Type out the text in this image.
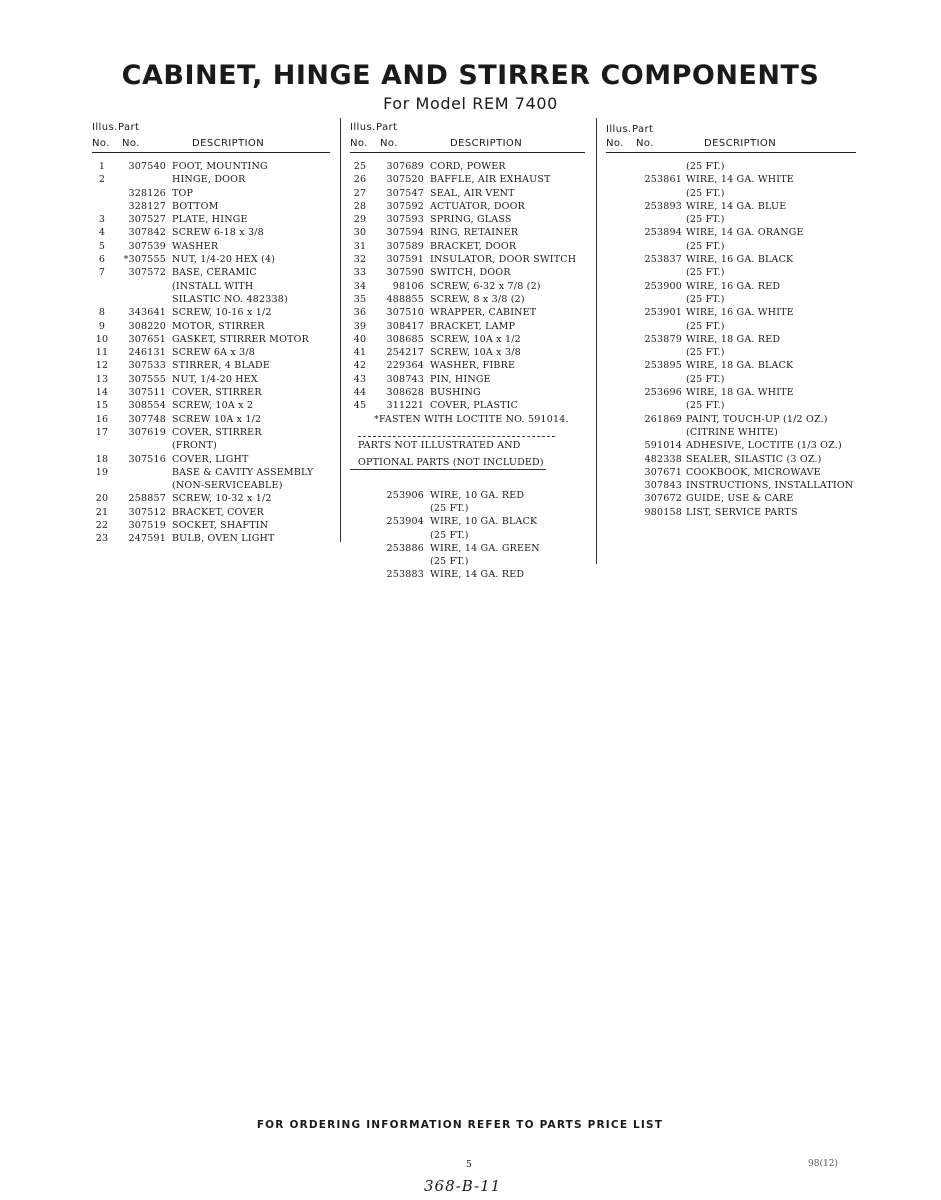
CABINET, HINGE AND STIRRER COMPONENTS
For Model REM 7400
Illus. Part
No. No.	DESCRIPTION
1	307540 FOOT, MOUNTING
2	HINGE, DOOR
328126 TOP
328127 BOTTOM
3	307527 PLATE, HINGE
4	307842 SCREW 6-18 x 3/8
5	307539 WASHER
6	*307555 NUT, 1/4-20 HEX (4)
7	307572 BASE, CERAMIC
(INSTALL WITH
SILASTIC NO. 482338)
8	343641 SCREW, 10-16 x 1/2
9	308220 MOTOR, STIRRER
10	307651 GASKET, STIRRER MOTOR
11	246131 SCREW 6A x 3/8
12	307533 STIRRER, 4 BLADE
13	307555 NUT, 1/4-20 HEX
14	307511 COVER, STIRRER
15	308554 SCREW, 10A x 2
16	307748 SCREW 10A x 1/2
17	307619 COVER, STIRRER
(FRONT)
18	307516 COVER, LIGHT
19	BASE & CAVITY ASSEMBLY
(NON-SERVICEABLE)
20	258857 SCREW, 10-32 x 1/2
21	307512 BRACKET, COVER
22	307519 SOCKET, SHAFTIN
23	247591 BULB, OVEN LIGHT
Illus. Part
No. No.	DESCRIPTION
25	307689 CORD, POWER
26	307520 BAFFLE, AIR EXHAUST
27	307547 SEAL, AIR VENT
28	307592 ACTUATOR, DOOR
29	307593 SPRING, GLASS
30	307594 RING, RETAINER
31	307589 BRACKET, DOOR
32	307591 INSULATOR, DOOR SWITCH
33	307590 SWITCH, DOOR
34	98106 SCREW, 6-32 x 7/8 (2)
35	488855 SCREW, 8 x 3/8 (2)
36	307510 WRAPPER, CABINET
39	308417 BRACKET, LAMP
40	308685 SCREW, 10A x 1/2
41	254217 SCREW, 10A x 3/8
42	229364 WASHER, FIBRE
43	308743 PIN, HINGE
44	308628 BUSHING
45	311221 COVER, PLASTIC
*FASTEN WITH LOCTITE NO. 591014.
PARTS NOT ILLUSTRATED AND
OPTIONAL PARTS (NOT INCLUDED)
253906 WIRE, 10 GA. RED
(25 FT.)
253904 WIRE, 10 GA. BLACK
(25 FT.)
253886 WIRE, 14 GA. GREEN
(25 FT.)
253883 WIRE, 14 GA. RED
Illus. Part
No. No.	DESCRIPTION
(25 FT.)
253861 WIRE, 14 GA. WHITE
(25 FT.)
253893 WIRE, 14 GA. BLUE
(25 FT.)
253894 WIRE, 14 GA. ORANGE
(25 FT.)
253837 WIRE, 16 GA. BLACK
(25 FT.)
253900 WIRE, 16 GA. RED
(25 FT.)
253901 WIRE, 16 GA. WHITE
(25 FT.)
253879 WIRE, 18 GA. RED
(25 FT.)
253895 WIRE, 18 GA. BLACK
(25 FT.)
253696 WIRE, 18 GA. WHITE
(25 FT.)
261869 PAINT, TOUCH-UP (1/2 OZ.)
(CITRINE WHITE)
591014 ADHESIVE, LOCTITE (1/3 OZ.)
482338 SEALER, SILASTIC (3 OZ.)
307671 COOKBOOK, MICROWAVE
307843 INSTRUCTIONS, INSTALLATION
307672 GUIDE, USE & CARE
980158 LIST, SERVICE PARTS
FOR ORDERING INFORMATION REFER TO PARTS PRICE LIST
5	98(12)
368-B-11
